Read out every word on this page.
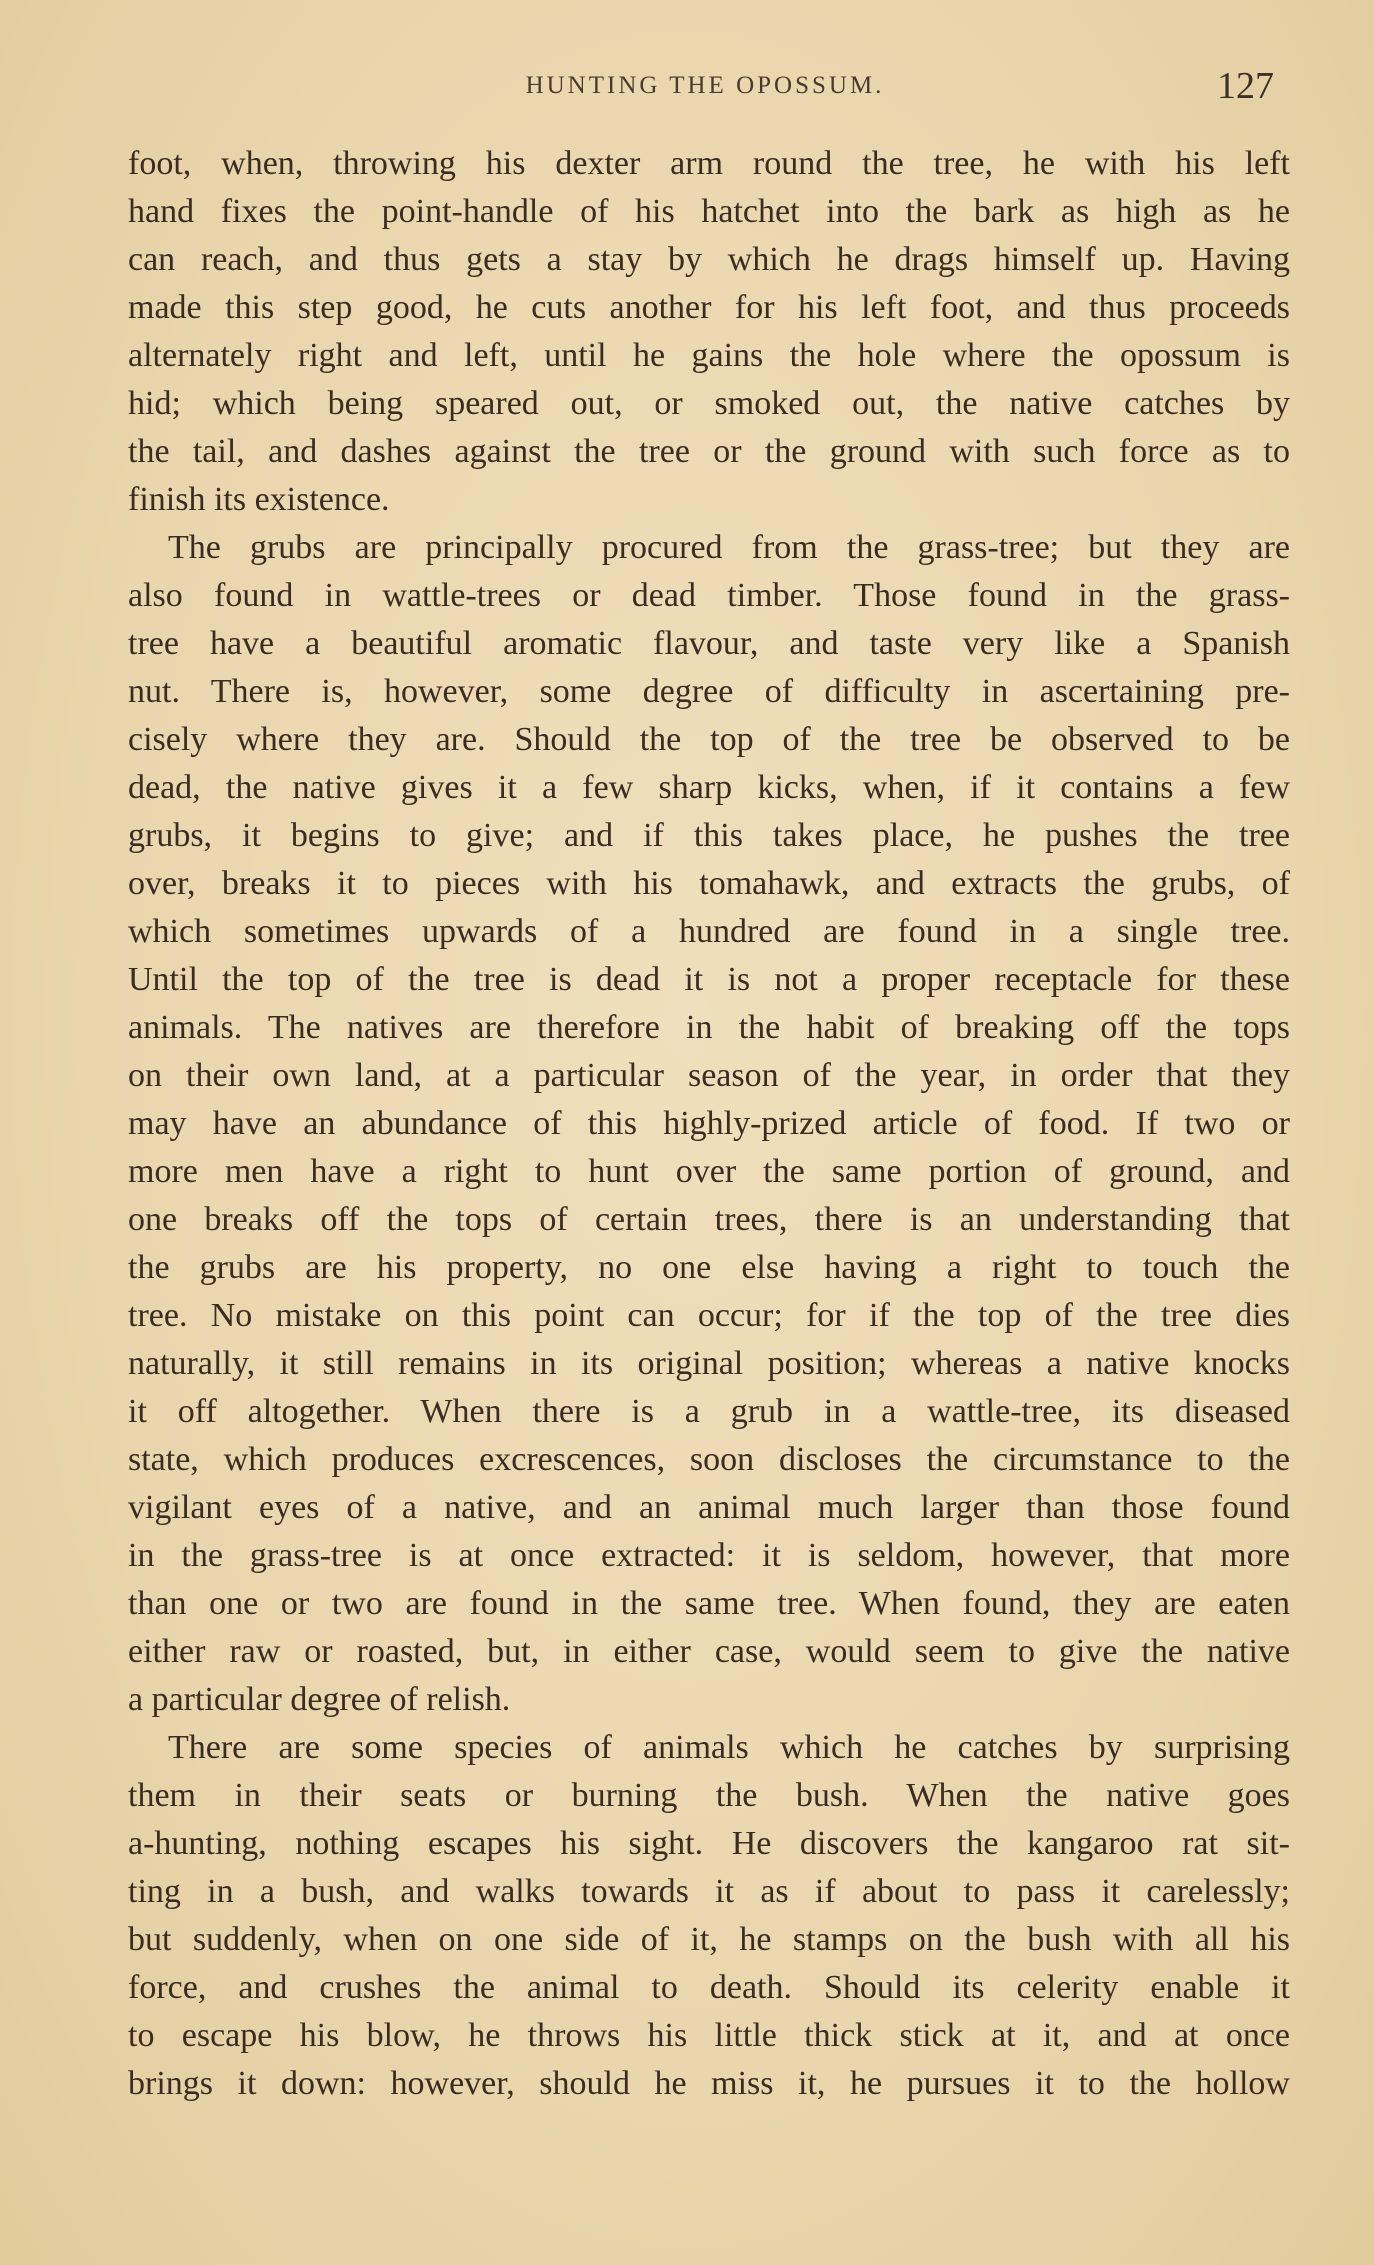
HUNTING THE OPOSSUM.	127
foot, when, throwing his dexter arm round the tree, he with his left
hand fixes the point-handle of his hatchet into the bark as high as he
can reach, and thus gets a stay by which he drags himself up. Having
made this step good, he cuts another for his left foot, and thus proceeds
alternately right and left, until he gains the hole where the opossum is
hid; which being speared out, or smoked out, the native catches by
the tail, and dashes against the tree or the ground with such force as to
finish its existence.
The grubs are principally procured from the grass-tree; but they are
also found in wattle-trees or dead timber. Those found in the grass-
tree have a beautiful aromatic flavour, and taste very like a Spanish
nut. There is, however, some degree of difficulty in ascertaining pre-
cisely where they are. Should the top of the tree be observed to be
dead, the native gives it a few sharp kicks, when, if it contains a few
grubs, it begins to give; and if this takes place, he pushes the tree
over, breaks it to pieces with his tomahawk, and extracts the grubs, of
which sometimes upwards of a hundred are found in a single tree.
Until the top of the tree is dead it is not a proper receptacle for these
animals. The natives are therefore in the habit of breaking off the tops
on their own land, at a particular season of the year, in order that they
may have an abundance of this highly-prized article of food. If two or
more men have a right to hunt over the same portion of ground, and
one breaks off the tops of certain trees, there is an understanding that
the grubs are his property, no one else having a right to touch the
tree. No mistake on this point can occur; for if the top of the tree dies
naturally, it still remains in its original position; whereas a native knocks
it off altogether. When there is a grub in a wattle-tree, its diseased
state, which produces excrescences, soon discloses the circumstance to the
vigilant eyes of a native, and an animal much larger than those found
in the grass-tree is at once extracted: it is seldom, however, that more
than one or two are found in the same tree. When found, they are eaten
either raw or roasted, but, in either case, would seem to give the native
a particular degree of relish.
There are some species of animals which he catches by surprising
them in their seats or burning the bush. When the native goes
a-hunting, nothing escapes his sight. He discovers the kangaroo rat sit-
ting in a bush, and walks towards it as if about to pass it carelessly;
but suddenly, when on one side of it, he stamps on the bush with all his
force, and crushes the animal to death. Should its celerity enable it
to escape his blow, he throws his little thick stick at it, and at once
brings it down: however, should he miss it, he pursues it to the hollow
